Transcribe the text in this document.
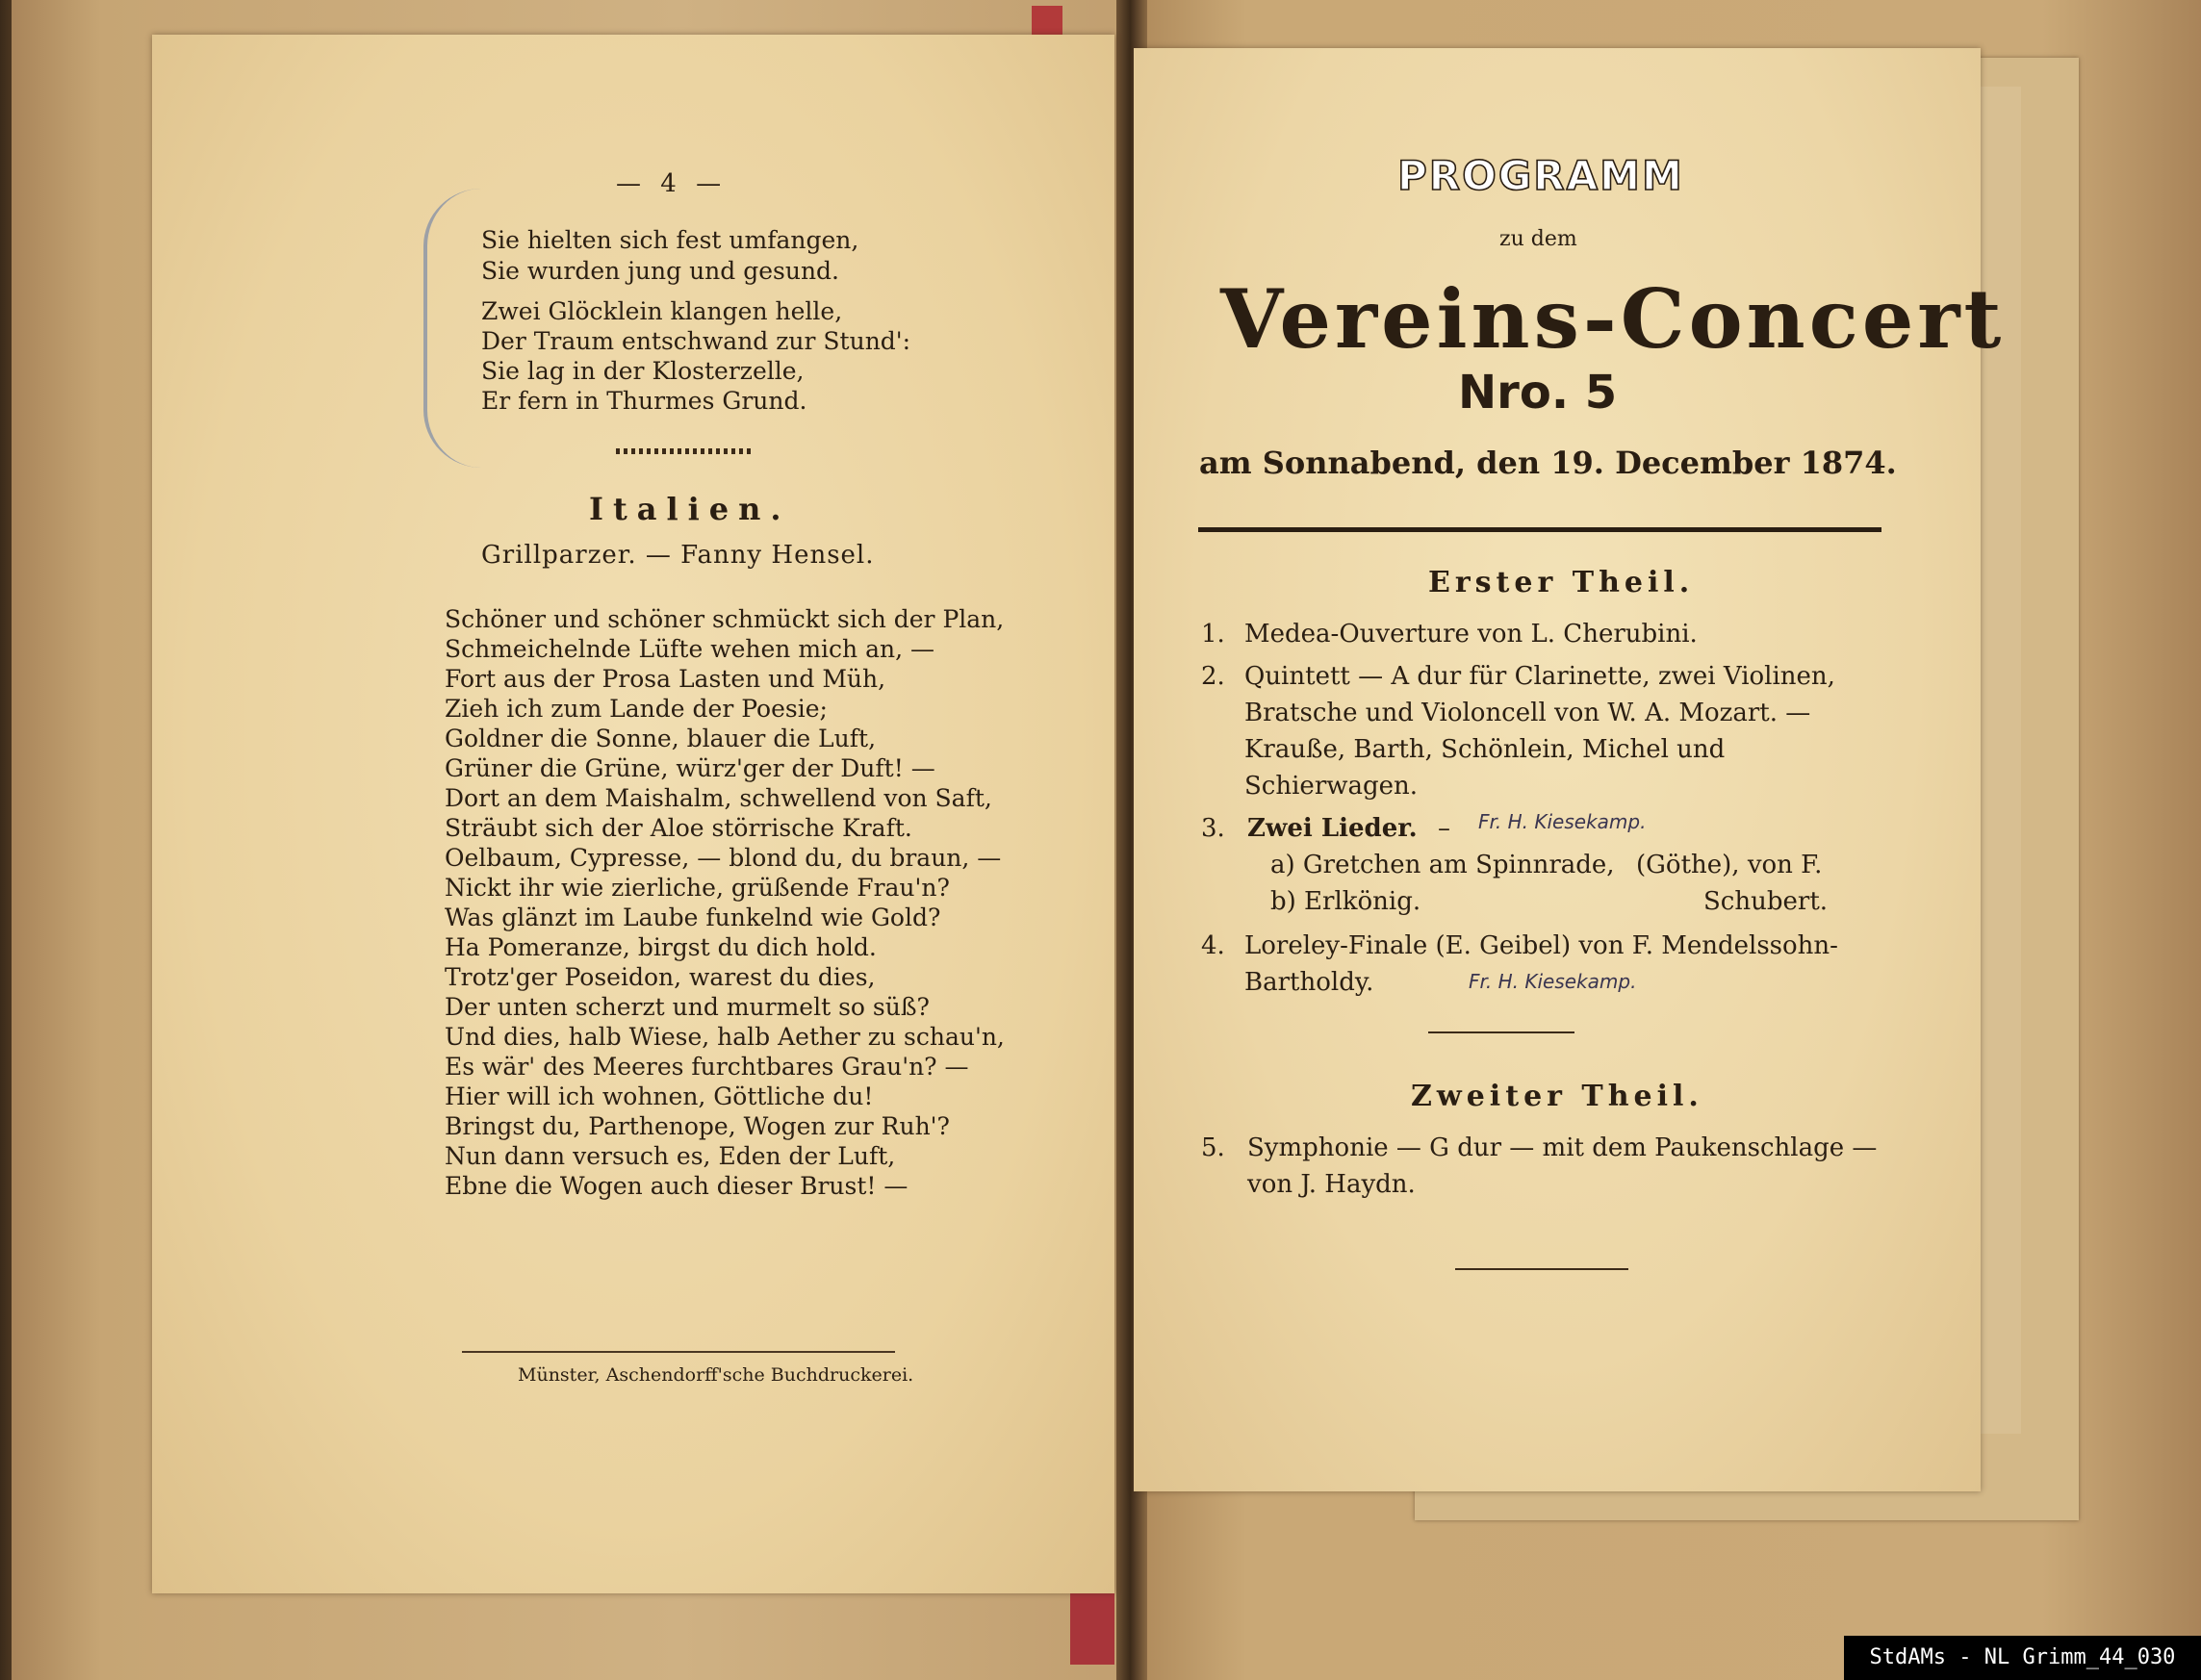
— 4 —
Sie hielten sich fest umfangen,
Sie wurden jung und gesund.
Zwei Glöcklein klangen helle,
Der Traum entschwand zur Stund':
Sie lag in der Klosterzelle,
Er fern in Thurmes Grund.
Italien.
Grillparzer. — Fanny Hensel.
Schöner und schöner schmückt sich der Plan,
Schmeichelnde Lüfte wehen mich an, —
Fort aus der Prosa Lasten und Müh,
Zieh ich zum Lande der Poesie;
Goldner die Sonne, blauer die Luft,
Grüner die Grüne, würz'ger der Duft! —
Dort an dem Maishalm, schwellend von Saft,
Sträubt sich der Aloe störrische Kraft.
Oelbaum, Cypresse, — blond du, du braun, —
Nickt ihr wie zierliche, grüßende Frau'n?
Was glänzt im Laube funkelnd wie Gold?
Ha Pomeranze, birgst du dich hold.
Trotz'ger Poseidon, warest du dies,
Der unten scherzt und murmelt so süß?
Und dies, halb Wiese, halb Aether zu schau'n,
Es wär' des Meeres furchtbares Grau'n? —
Hier will ich wohnen, Göttliche du!
Bringst du, Parthenope, Wogen zur Ruh'?
Nun dann versuch es, Eden der Luft,
Ebne die Wogen auch dieser Brust! —
Münster, Aschendorff'sche Buchdruckerei.
PROGRAMM
zu dem
Vereins-Concert
Nro. 5
am Sonnabend, den 19. December 1874.
Erster Theil.
1. Medea-Ouverture von L. Cherubini.
2. Quintett — A dur für Clarinette, zwei Violinen,
Bratsche und Violoncell von W. A. Mozart. —
Kraußе, Barth, Schönlein, Michel und
Schierwagen.
3. Zwei Lieder. – Fr. H. Kiesekamp.
a) Gretchen am Spinnrade,
b) Erlkönig.
(Göthe), von F.
Schubert.
4. Loreley-Finale (E. Geibel) von F. Mendelssohn-
Bartholdy.	Fr. H. Kiesekamp.
Zweiter Theil.
5. Symphonie — G dur — mit dem Paukenschlage —
von J. Haydn.
StdAMs - NL Grimm_44_030
